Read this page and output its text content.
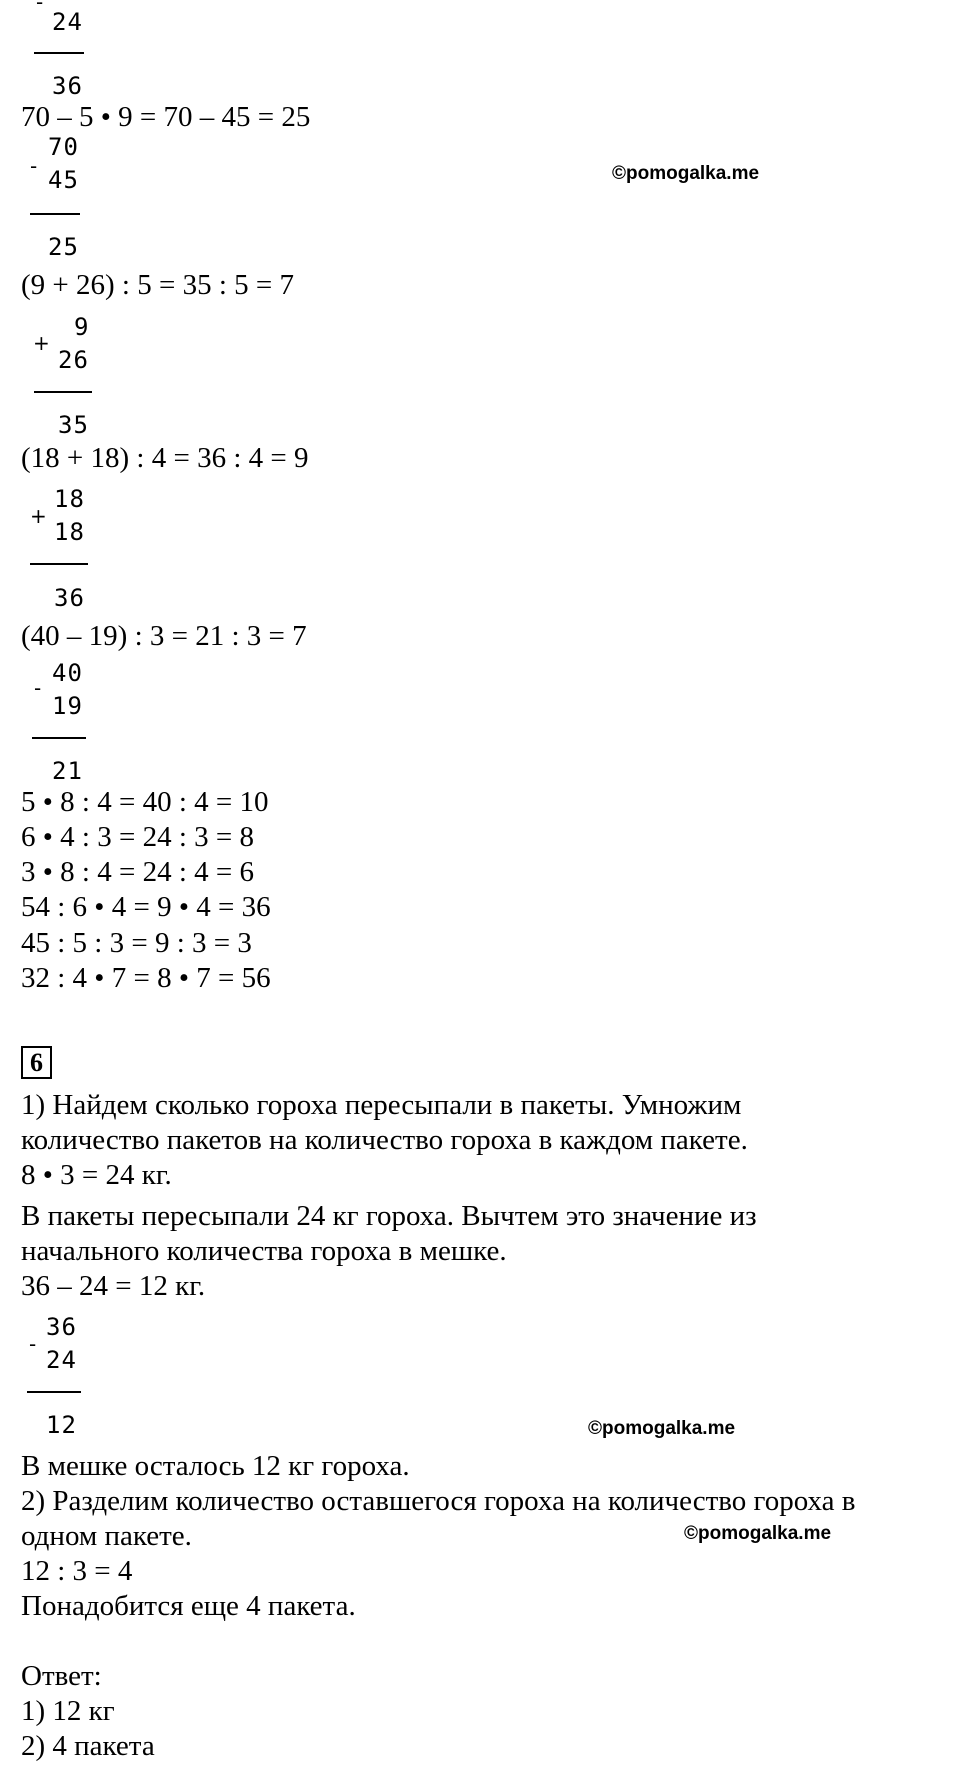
-
24
36
70 – 5 • 9 = 70 – 45 = 25
-
70
45
25
©pomogalka.me
(9 + 26) : 5 = 35 : 5 = 7
+
9
26
35
(18 + 18) : 4 = 36 : 4 = 9
+
18
18
36
(40 – 19) : 3 = 21 : 3 = 7
-
40
19
21
5 • 8 : 4 = 40 : 4 = 10
6 • 4 : 3 = 24 : 3 = 8
3 • 8 : 4 = 24 : 4 = 6
54 : 6 • 4 = 9 • 4 = 36
45 : 5 : 3 = 9 : 3 = 3
32 : 4 • 7 = 8 • 7 = 56
6
1) Найдем сколько гороха пересыпали в пакеты. Умножим
количество пакетов на количество гороха в каждом пакете.
8 • 3 = 24 кг.
В пакеты пересыпали 24 кг гороха. Вычтем это значение из
начального количества гороха в мешке.
36 – 24 = 12 кг.
-
36
24
12	©pomogalka.me
В мешке осталось 12 кг гороха.
2) Разделим количество оставшегося гороха на количество гороха в
одном пакете.	©pomogalka.me
12 : 3 = 4
Понадобится еще 4 пакета.
Ответ:
1) 12 кг
2) 4 пакета
